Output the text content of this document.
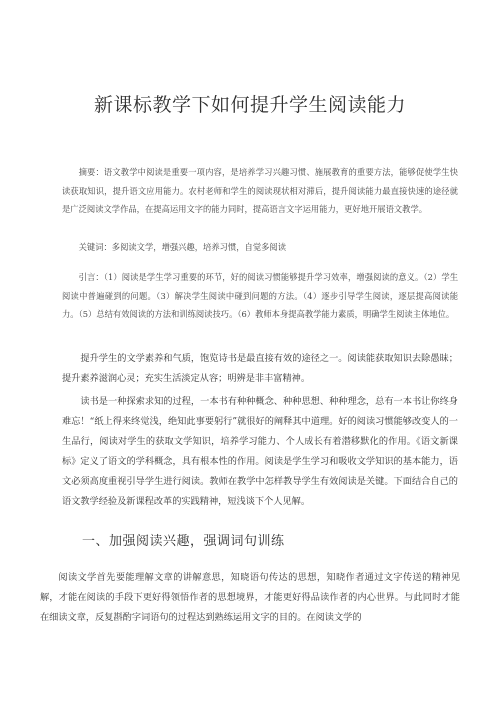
新课标教学下如何提升学生阅读能力
摘要：语文教学中阅读是重要一项内容，是培养学习兴趣习惯、施展教育的重要方法，能够促使学生快读获取知识，提升语文应用能力。农村老师和学生的阅读现状相对滞后，提升阅读能力最直接快速的途径就是广泛阅读文学作品，在提高运用文字的能力同时，提高语言文字运用能力，更好地开展语文教学。
关键词：多阅读文学，增强兴趣，培养习惯，自觉多阅读
引言：（1）阅读是学生学习重要的环节，好的阅读习惯能够提升学习效率，增强阅读的意义。（2）学生阅读中普遍碰到的问题。（3）解决学生阅读中碰到问题的方法。（4）逐步引导学生阅读，逐层提高阅读能力。（5）总结有效阅读的方法和训练阅读技巧。（6）教师本身提高教学能力素质，明确学生阅读主体地位。
提升学生的文学素养和气质，饱览诗书是最直接有效的途径之一。阅读能获取知识去除愚昧；提升素养滋润心灵；充实生活淡定从容；明辨是非丰富精神。
读书是一种探索求知的过程，一本书有种种概念、种种思想、种种理念，总有一本书让你终身难忘！“纸上得来终觉浅，绝知此事要躬行”就很好的阐释其中道理。好的阅读习惯能够改变人的一生品行，阅读对学生的获取文学知识，培养学习能力、个人成长有着潜移默化的作用。《语文新课标》定义了语文的学科概念，具有根本性的作用。阅读是学生学习和吸收文学知识的基本能力，语文必须高度重视引导学生进行阅读。教师在教学中怎样教导学生有效阅读是关键。下面结合自己的语文教学经验及新课程改革的实践精神，短浅谈下个人见解。
一、加强阅读兴趣，强调词句训练
阅读文学首先要能理解文章的讲解意思，知晓语句传达的思想，知晓作者通过文字传送的精神见解，才能在阅读的手段下更好得领悟作者的思想境界，才能更好得品读作者的内心世界。与此同时才能在细读文章，反复斟酌字词语句的过程达到熟练运用文字的目的。在阅读文学的
